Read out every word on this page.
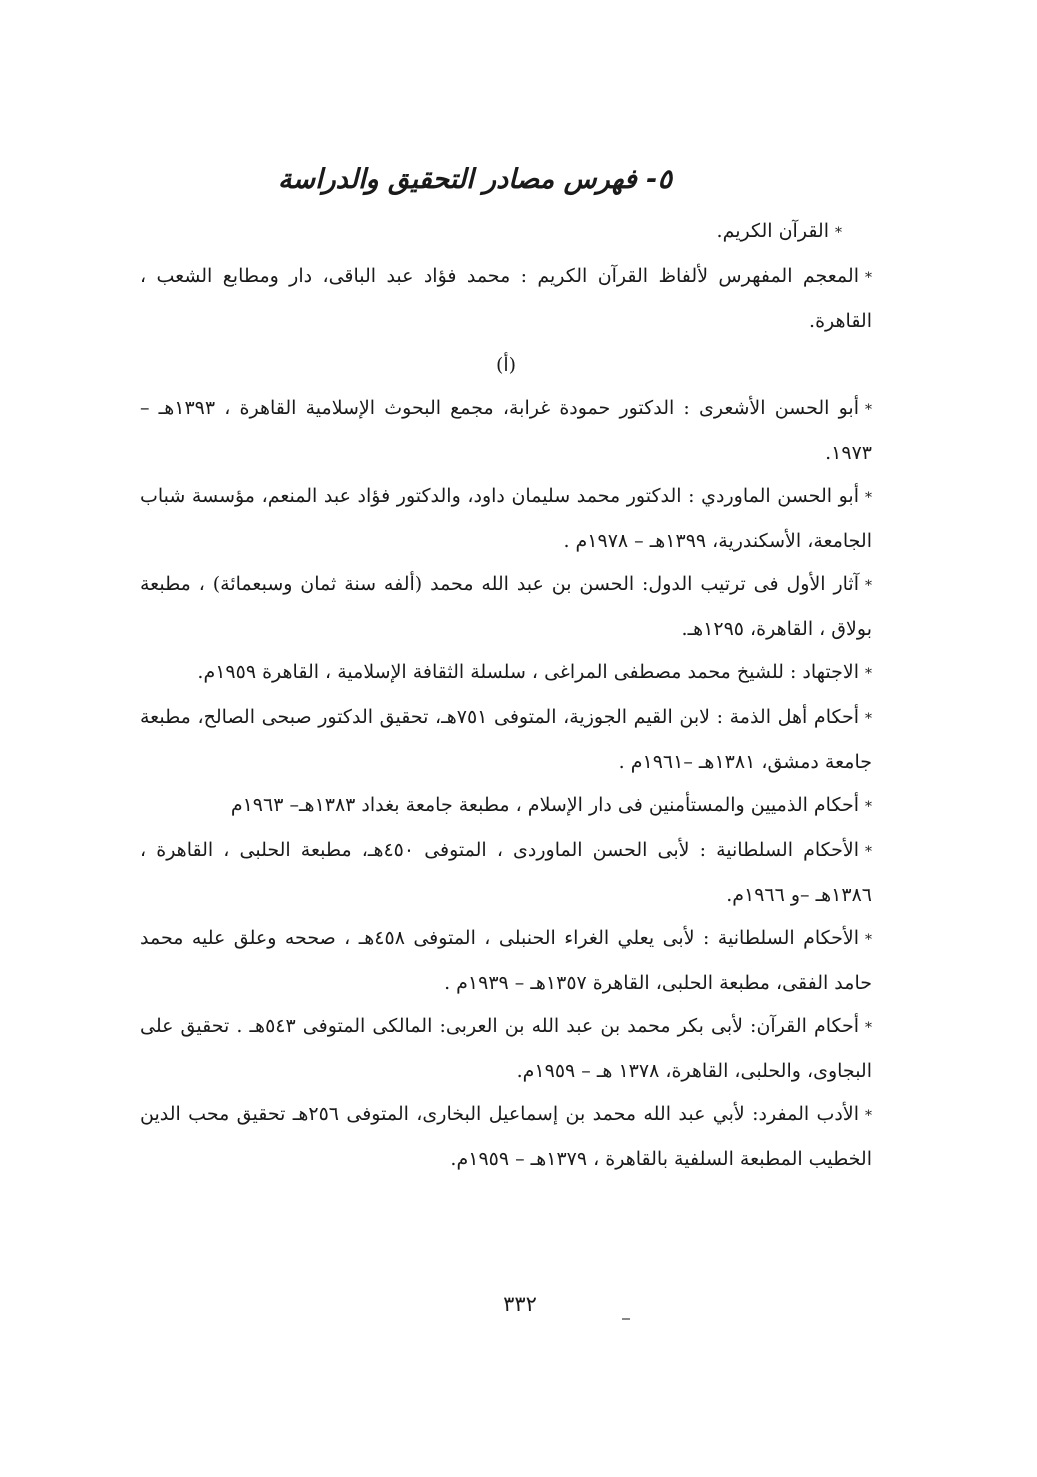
٥- فهرس مصادر التحقيق والدراسة

*القرآن الكريم.

*المعجم المفهرس لألفاظ القرآن الكريم : محمد فؤاد عبد الباقى، دار ومطابع الشعب ، القاهرة.

(أ)

*أبو الحسن الأشعرى : الدكتور حمودة غرابة، مجمع البحوث الإسلامية القاهرة ، ١٣٩٣هـ – ١٩٧٣.

*أبو الحسن الماوردي : الدكتور محمد سليمان داود، والدكتور فؤاد عبد المنعم، مؤسسة شباب الجامعة، الأسكندرية، ١٣٩٩هـ – ١٩٧٨م .

*آثار الأول فى ترتيب الدول: الحسن بن عبد الله محمد (ألفه سنة ثمان وسبعمائة) ، مطبعة بولاق ، القاهرة، ١٢٩٥هـ.

*الاجتهاد : للشيخ محمد مصطفى المراغى ، سلسلة الثقافة الإسلامية ، القاهرة ١٩٥٩م.

*أحكام أهل الذمة : لابن القيم الجوزية، المتوفى ٧٥١هـ، تحقيق الدكتور صبحى الصالح، مطبعة جامعة دمشق، ١٣٨١هـ –١٩٦١م .

*أحكام الذميين والمستأمنين فى دار الإسلام ، مطبعة جامعة بغداد ١٣٨٣هـ– ١٩٦٣م

*الأحكام السلطانية : لأبى الحسن الماوردى ، المتوفى ٤٥٠هـ، مطبعة الحلبى ، القاهرة ، ١٣٨٦هـ –و ١٩٦٦م.

*الأحكام السلطانية : لأبى يعلي الغراء الحنبلى ، المتوفى ٤٥٨هـ ، صححه وعلق عليه محمد حامد الفقى، مطبعة الحلبى، القاهرة ١٣٥٧هـ – ١٩٣٩م .

*أحكام القرآن: لأبى بكر محمد بن عبد الله بن العربى: المالكى المتوفى ٥٤٣هـ . تحقيق على البجاوى، والحلبى، القاهرة، ١٣٧٨ هـ – ١٩٥٩م.

*الأدب المفرد: لأبي عبد الله محمد بن إسماعيل البخارى، المتوفى ٢٥٦هـ تحقيق محب الدين الخطيب المطبعة السلفية بالقاهرة ، ١٣٧٩هـ – ١٩٥٩م.

٣٣٢
